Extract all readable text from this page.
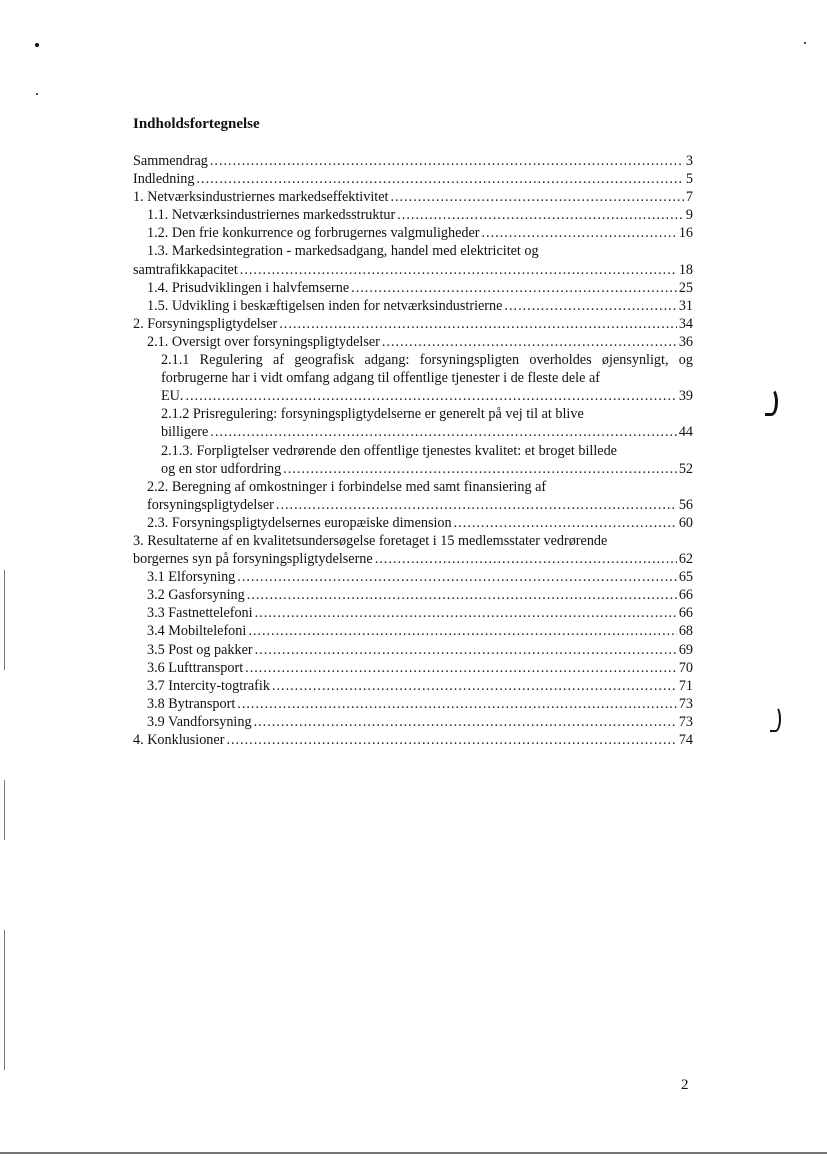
Indholdsfortegnelse
Sammendrag .....	3
Indledning .....	5
1. Netværksindustriernes markedseffektivitet .....	7
1.1. Netværksindustriernes markedsstruktur .....	9
1.2. Den frie konkurrence og forbrugernes valgmuligheder .....	16
1.3. Markedsintegration - markedsadgang, handel med elektricitet og
samtrafikkapacitet .....	18
1.4. Prisudviklingen i halvfemserne .....	25
1.5. Udvikling i beskæftigelsen inden for netværksindustrierne .....	31
2. Forsyningspligtydelser .....	34
2.1. Oversigt over forsyningspligtydelser .....	36
2.1.1 Regulering af geografisk adgang: forsyningspligten overholdes øjensynligt, og forbrugerne har i vidt omfang adgang til offentlige tjenester i de fleste dele af
EU. .....	39
2.1.2 Prisregulering: forsyningspligtydelserne er generelt på vej til at blive
billigere .....	44
2.1.3. Forpligtelser vedrørende den offentlige tjenestes kvalitet: et broget billede
og en stor udfordring .....	52
2.2. Beregning af omkostninger i forbindelse med samt finansiering af
forsyningspligtydelser .....	56
2.3. Forsyningspligtydelsernes europæiske dimension .....	60
3. Resultaterne af en kvalitetsundersøgelse foretaget i 15 medlemsstater vedrørende
borgernes syn på forsyningspligtydelserne .....	62
3.1 Elforsyning .....	65
3.2 Gasforsyning .....	66
3.3 Fastnettelefoni .....	66
3.4 Mobiltelefoni .....	68
3.5 Post og pakker .....	69
3.6 Lufttransport .....	70
3.7 Intercity-togtrafik .....	71
3.8 Bytransport .....	73
3.9 Vandforsyning .....	73
4. Konklusioner .....	74
2
